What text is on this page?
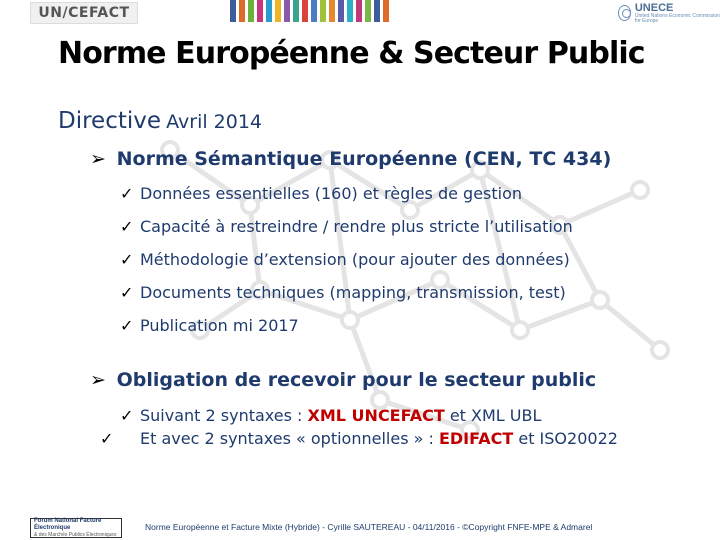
UN/CEFACT	UNECE
United Nations Economic Commission for Europe
Norme Européenne & Secteur Public
Directive Avril 2014
➢ Norme Sémantique Européenne (CEN, TC 434)
✓ Données essentielles (160) et règles de gestion
✓ Capacité à restreindre / rendre plus stricte l’utilisation
✓ Méthodologie d’extension (pour ajouter des données)
✓ Documents techniques (mapping, transmission, test)
✓ Publication mi 2017
➢ Obligation de recevoir pour le secteur public
✓ Suivant 2 syntaxes : XML UNCEFACT et XML UBL
✓ Et avec 2 syntaxes « optionnelles » : EDIFACT et ISO20022
Forum National Facture Électronique
& des Marchés Publics Électroniques
Norme Européenne et Facture Mixte (Hybride) - Cyrille SAUTEREAU - 04/11/2016 - ©Copyright FNFE-MPE & Admarel
